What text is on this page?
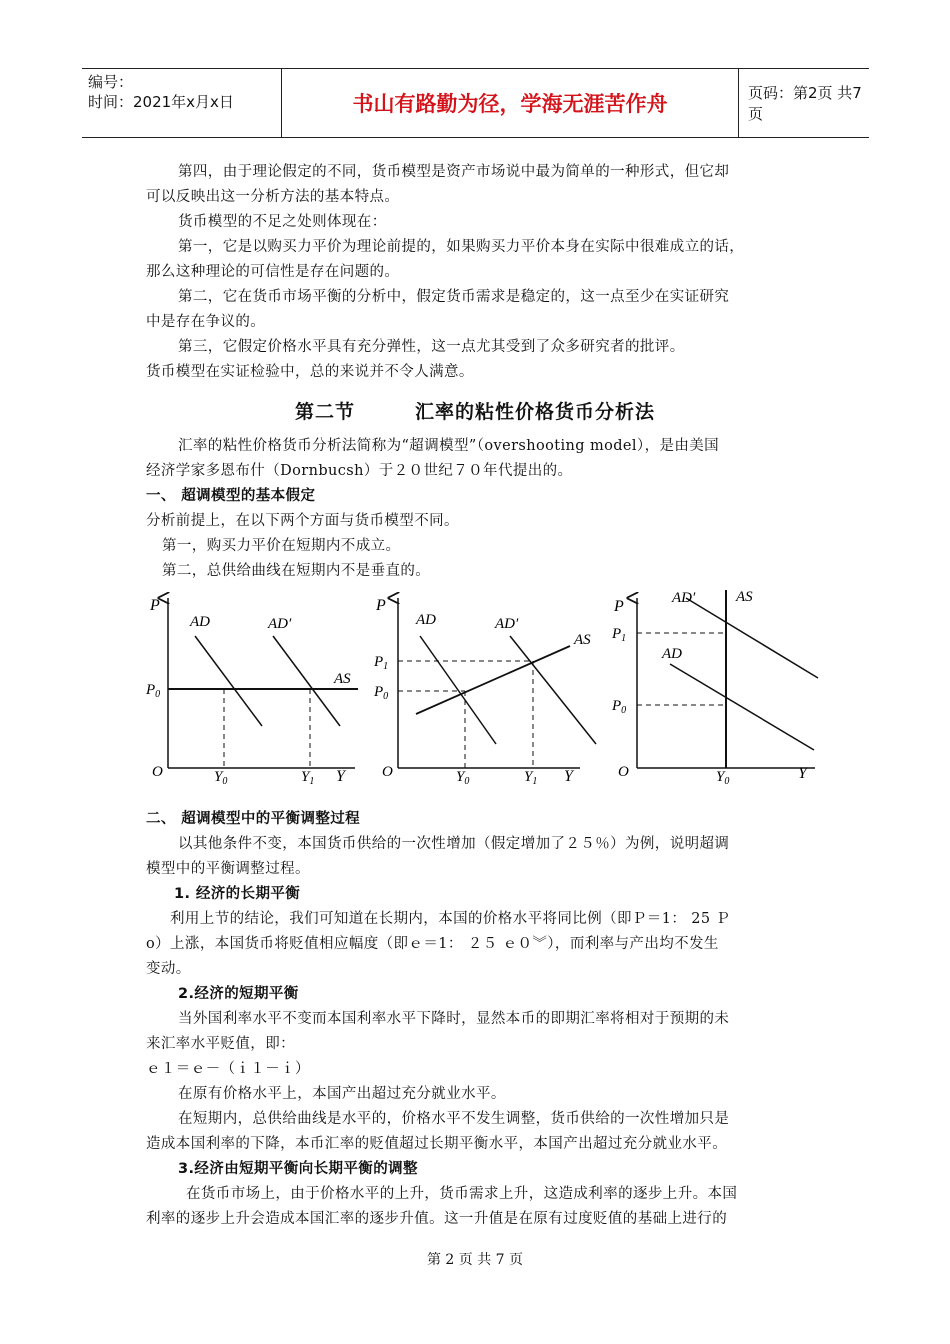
编号：
时间：2021年x月x日	书山有路勤为径，学海无涯苦作舟	页码：第2页 共7页
第四，由于理论假定的不同，货币模型是资产市场说中最为简单的一种形式，但它却
可以反映出这一分析方法的基本特点。
货币模型的不足之处则体现在：
第一，它是以购买力平价为理论前提的，如果购买力平价本身在实际中很难成立的话，
那么这种理论的可信性是存在问题的。
第二，它在货币市场平衡的分析中，假定货币需求是稳定的，这一点至少在实证研究
中是存在争议的。
第三，它假定价格水平具有充分弹性，这一点尤其受到了众多研究者的批评。
货币模型在实证检验中，总的来说并不令人满意。
第二节　　　汇率的粘性价格货币分析法
汇率的粘性价格货币分析法简称为“超调模型”（overshooting model），是由美国
经济学家多恩布什（Dornbucsh）于２０世纪７０年代提出的。
一、 超调模型的基本假定
分析前提上，在以下两个方面与货币模型不同。
第一，购买力平价在短期内不成立。
第二，总供给曲线在短期内不是垂直的。
P
O	Y
AD	AD′
AS
$P_0$
$Y_0$	$Y_1$
P
O	Y
AD	AD′
AS
$P_1$
$P_0$
$Y_0$	$Y_1$
P
O	Y
AD′	AS
AD
$P_1$
$P_0$
$Y_0$
二、 超调模型中的平衡调整过程
以其他条件不变，本国货币供给的一次性增加（假定增加了２５％）为例，说明超调
模型中的平衡调整过程。
1. 经济的长期平衡
利用上节的结论，我们可知道在长期内，本国的价格水平将同比例（即Ｐ＝1： 25 Ｐ
o）上涨，本国货币将贬值相应幅度（即ｅ＝1： ２５ ｅ０︾），而利率与产出均不发生
变动。
2.经济的短期平衡
当外国利率水平不变而本国利率水平下降时，显然本币的即期汇率将相对于预期的未
来汇率水平贬值，即：
ｅ１＝ｅ－（ｉ１－ｉ）
在原有价格水平上，本国产出超过充分就业水平。
在短期内，总供给曲线是水平的，价格水平不发生调整，货币供给的一次性增加只是
造成本国利率的下降，本币汇率的贬值超过长期平衡水平，本国产出超过充分就业水平。
3.经济由短期平衡向长期平衡的调整
在货币市场上，由于价格水平的上升，货币需求上升，这造成利率的逐步上升。本国
利率的逐步上升会造成本国汇率的逐步升值。这一升值是在原有过度贬值的基础上进行的
第 2 页 共 7 页
